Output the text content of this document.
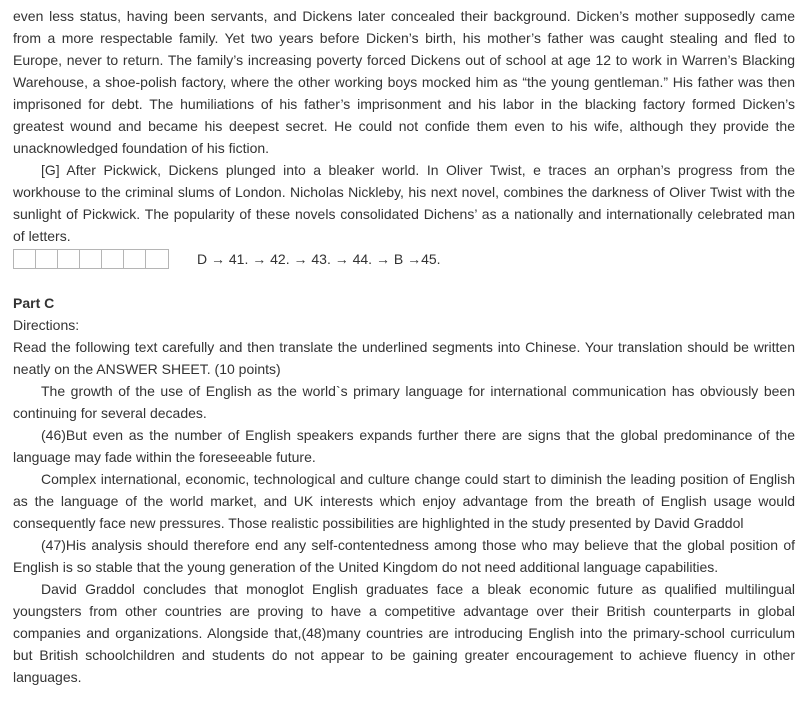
even less status, having been servants, and Dickens later concealed their background. Dicken’s mother supposedly came from a more respectable family. Yet two years before Dicken’s birth, his mother’s father was caught stealing and fled to Europe, never to return. The family’s increasing poverty forced Dickens out of school at age 12 to work in Warren’s Blacking Warehouse, a shoe-polish factory, where the other working boys mocked him as “the young gentleman.” His father was then imprisoned for debt. The humiliations of his father’s imprisonment and his labor in the blacking factory formed Dicken’s greatest wound and became his deepest secret. He could not confide them even to his wife, although they provide the unacknowledged foundation of his fiction.

[G] After Pickwick, Dickens plunged into a bleaker world. In Oliver Twist, e traces an orphan’s progress from the workhouse to the criminal slums of London. Nicholas Nickleby, his next novel, combines the darkness of Oliver Twist with the sunlight of Pickwick. The popularity of these novels consolidated Dichens’ as a nationally and internationally celebrated man of letters.

D → 41. → 42. → 43. → 44. → B →45.

Part C

Directions:

Read the following text carefully and then translate the underlined segments into Chinese. Your translation should be written neatly on the ANSWER SHEET. (10 points)

The growth of the use of English as the world`s primary language for international communication has obviously been continuing for several decades.

(46)But even as the number of English speakers expands further there are signs that the global predominance of the language may fade within the foreseeable future.

Complex international, economic, technological and culture change could start to diminish the leading position of English as the language of the world market, and UK interests which enjoy advantage from the breath of English usage would consequently face new pressures. Those realistic possibilities are highlighted in the study presented by David Graddol

(47)His analysis should therefore end any self-contentedness among those who may believe that the global position of English is so stable that the young generation of the United Kingdom do not need additional language capabilities.

David Graddol concludes that monoglot English graduates face a bleak economic future as qualified multilingual youngsters from other countries are proving to have a competitive advantage over their British counterparts in global companies and organizations. Alongside that,(48)many countries are introducing English into the primary-school curriculum but British schoolchildren and students do not appear to be gaining greater encouragement to achieve fluency in other languages.
